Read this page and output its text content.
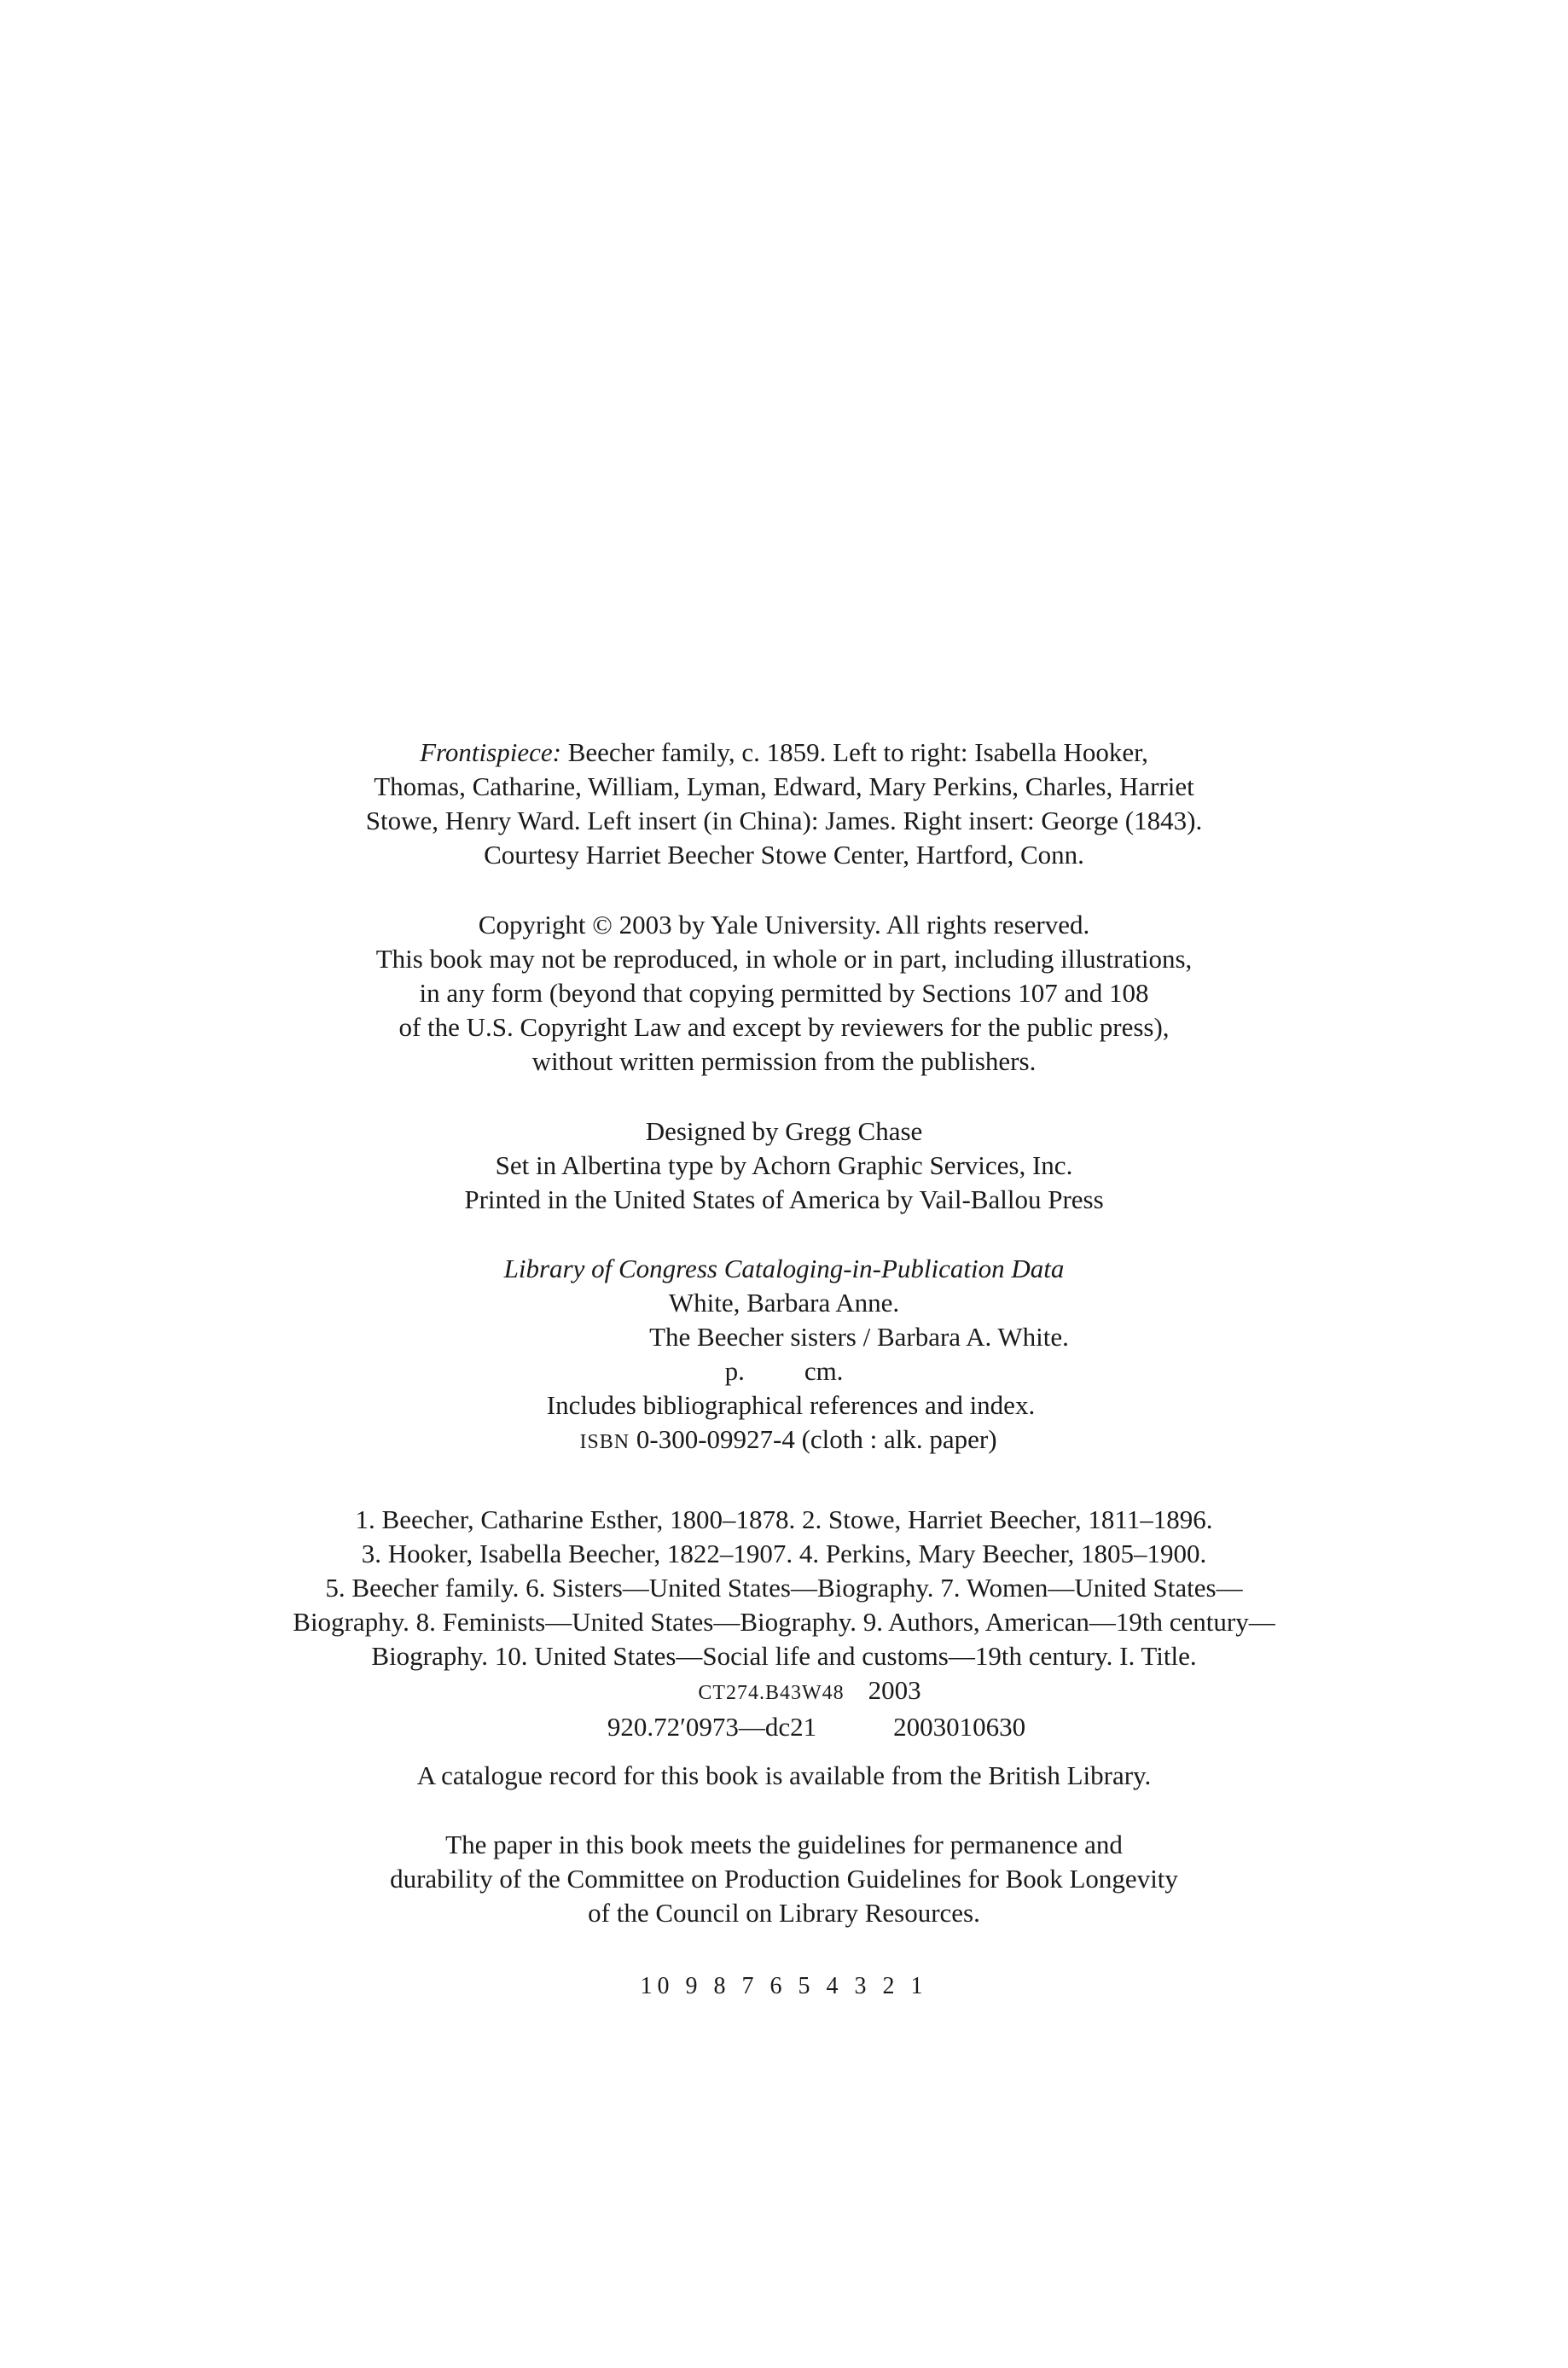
Frontispiece: Beecher family, c. 1859. Left to right: Isabella Hooker,
Thomas, Catharine, William, Lyman, Edward, Mary Perkins, Charles, Harriet
Stowe, Henry Ward. Left insert (in China): James. Right insert: George (1843).
Courtesy Harriet Beecher Stowe Center, Hartford, Conn.
Copyright © 2003 by Yale University. All rights reserved.
This book may not be reproduced, in whole or in part, including illustrations,
in any form (beyond that copying permitted by Sections 107 and 108
of the U.S. Copyright Law and except by reviewers for the public press),
without written permission from the publishers.
Designed by Gregg Chase
Set in Albertina type by Achorn Graphic Services, Inc.
Printed in the United States of America by Vail-Ballou Press
Library of Congress Cataloging-in-Publication Data
White, Barbara Anne.
The Beecher sisters / Barbara A. White.
p. cm.
Includes bibliographical references and index.
ISBN 0-300-09927-4 (cloth : alk. paper)
1. Beecher, Catharine Esther, 1800–1878. 2. Stowe, Harriet Beecher, 1811–1896.
3. Hooker, Isabella Beecher, 1822–1907. 4. Perkins, Mary Beecher, 1805–1900.
5. Beecher family. 6. Sisters—United States—Biography. 7. Women—United States—
Biography. 8. Feminists—United States—Biography. 9. Authors, American—19th century—
Biography. 10. United States—Social life and customs—19th century. I. Title.
CT274.B43W48 2003
920.72′0973—dc21	2003010630
A catalogue record for this book is available from the British Library.
The paper in this book meets the guidelines for permanence and
durability of the Committee on Production Guidelines for Book Longevity
of the Council on Library Resources.
10 9 8 7 6 5 4 3 2 1
